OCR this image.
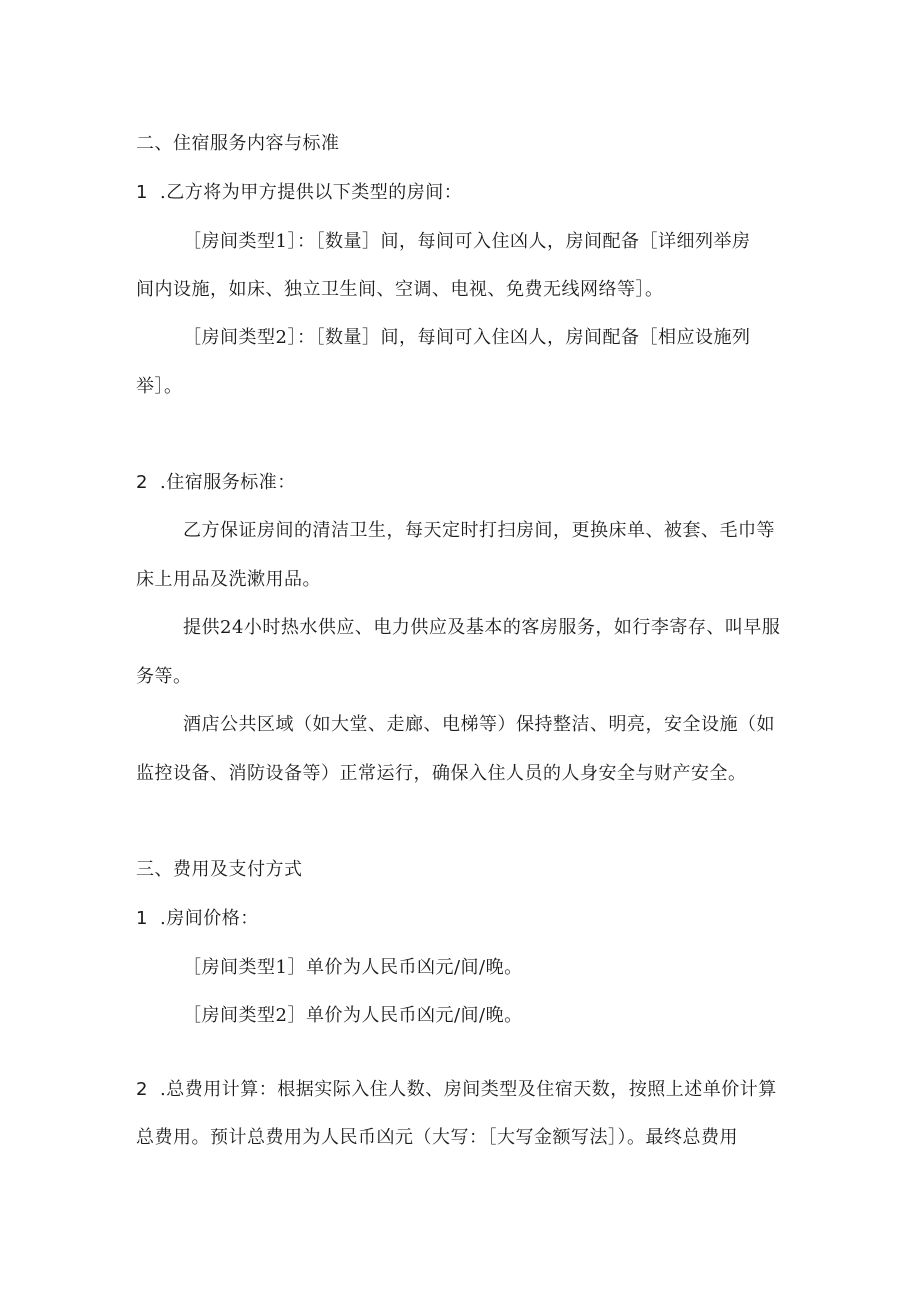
二、住宿服务内容与标准
1 .乙方将为甲方提供以下类型的房间：
［房间类型1］：［数量］间，每间可入住凶人，房间配备［详细列举房
间内设施，如床、独立卫生间、空调、电视、免费无线网络等］。
［房间类型2］：［数量］间，每间可入住凶人，房间配备［相应设施列
举］。
2 .住宿服务标准：
乙方保证房间的清洁卫生，每天定时打扫房间，更换床单、被套、毛巾等
床上用品及洗漱用品。
提供24小时热水供应、电力供应及基本的客房服务，如行李寄存、叫早服
务等。
酒店公共区域（如大堂、走廊、电梯等）保持整洁、明亮，安全设施（如
监控设备、消防设备等）正常运行，确保入住人员的人身安全与财产安全。
三、费用及支付方式
1 .房间价格：
［房间类型1］单价为人民币凶元/间/晚。
［房间类型2］单价为人民币凶元/间/晚。
2 .总费用计算：根据实际入住人数、房间类型及住宿天数，按照上述单价计算
总费用。预计总费用为人民币凶元（大写：［大写金额写法］）。最终总费用
